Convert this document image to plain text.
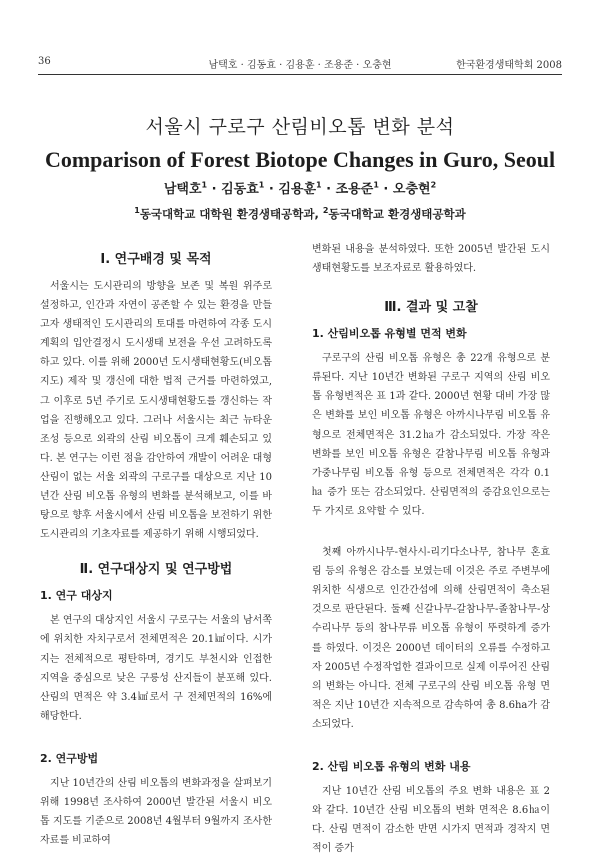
36	남택호 · 김동효 · 김용훈 · 조용준 · 오충현	한국환경생태학회 2008
서울시 구로구 산림비오톱 변화 분석
Comparison of Forest Biotope Changes in Guro, Seoul
남택호$^1$ · 김동효$^1$ · 김용훈$^1$ · 조용준$^1$ · 오충현$^2$
$^1$동국대학교 대학원 환경생태공학과, $^2$동국대학교 환경생태공학과
Ⅰ. 연구배경 및 목적

서울시는 도시관리의 방향을 보존 및 복원 위주로 설정하고, 인간과 자연이 공존할 수 있는 환경을 만들고자 생태적인 도시관리의 토대를 마련하여 각종 도시계획의 입안결정시 도시생태 보전을 우선 고려하도록 하고 있다. 이를 위해 2000년 도시생태현황도(비오톱지도) 제작 및 갱신에 대한 법적 근거를 마련하였고, 그 이후로 5년 주기로 도시생태현황도를 갱신하는 작업을 진행해오고 있다. 그러나 서울시는 최근 뉴타운 조성 등으로 외곽의 산림 비오톱이 크게 훼손되고 있다. 본 연구는 이런 점을 감안하여 개발이 어려운 대형 산림이 없는 서울 외곽의 구로구를 대상으로 지난 10년간 산림 비오톱 유형의 변화를 분석해보고, 이를 바탕으로 향후 서울시에서 산림 비오톱을 보전하기 위한 도시관리의 기초자료를 제공하기 위해 시행되었다.

Ⅱ. 연구대상지 및 연구방법
1. 연구 대상지

본 연구의 대상지인 서울시 구로구는 서울의 남서쪽에 위치한 자치구로서 전체면적은 20.1㎢이다. 시가지는 전체적으로 평탄하며, 경기도 부천시와 인접한 지역을 중심으로 낮은 구릉성 산지들이 분포해 있다. 산림의 면적은 약 3.4㎢로서 구 전체면적의 16%에 해당한다.

2. 연구방법

지난 10년간의 산림 비오톱의 변화과정을 살펴보기 위해 1998년 조사하여 2000년 발간된 서울시 비오톱 지도를 기준으로 2008년 4월부터 9월까지 조사한 자료를 비교하여

변화된 내용을 분석하였다. 또한 2005년 발간된 도시생태현황도를 보조자료로 활용하였다.

Ⅲ. 결과 및 고찰
1. 산림비오톱 유형별 면적 변화

구로구의 산림 비오톱 유형은 총 22개 유형으로 분류된다. 지난 10년간 변화된 구로구 지역의 산림 비오톱 유형변적은 표 1과 같다. 2000년 현황 대비 가장 많은 변화를 보인 비오톱 유형은 아까시나무림 비오톱 유형으로 전체면적은 31.2㏊가 감소되었다. 가장 작은 변화를 보인 비오톱 유형은 갈참나무림 비오톱 유형과 가중나무림 비오톱 유형 등으로 전체면적은 각각 0.1 ㏊ 증가 또는 감소되었다. 산림면적의 증감요인으로는 두 가지로 요약할 수 있다.

첫째 아까시나무-현사시-리기다소나무, 참나무 혼효림 등의 유형은 감소를 보였는데 이것은 주로 주변부에 위치한 식생으로 인간간섭에 의해 산림면적이 축소된 것으로 판단된다. 둘째 신갈나무-갈참나무-졸참나무-상수리나무 등의 참나무류 비오톱 유형이 뚜렷하게 증가를 하였다. 이것은 2000년 데이터의 오류를 수정하고자 2005년 수정작업한 결과이므로 실제 이루어진 산림의 변화는 아니다. 전체 구로구의 산림 비오톱 유형 면적은 지난 10년간 지속적으로 감속하여 총 8.6ha가 감소되었다.

2. 산림 비오톱 유형의 변화 내용

지난 10년간 산림 비오톱의 주요 변화 내용은 표 2와 같다. 10년간 산림 비오톱의 변화 면적은 8.6㏊이다. 산림 면적이 감소한 반면 시가지 면적과 경작지 면적이 증가
